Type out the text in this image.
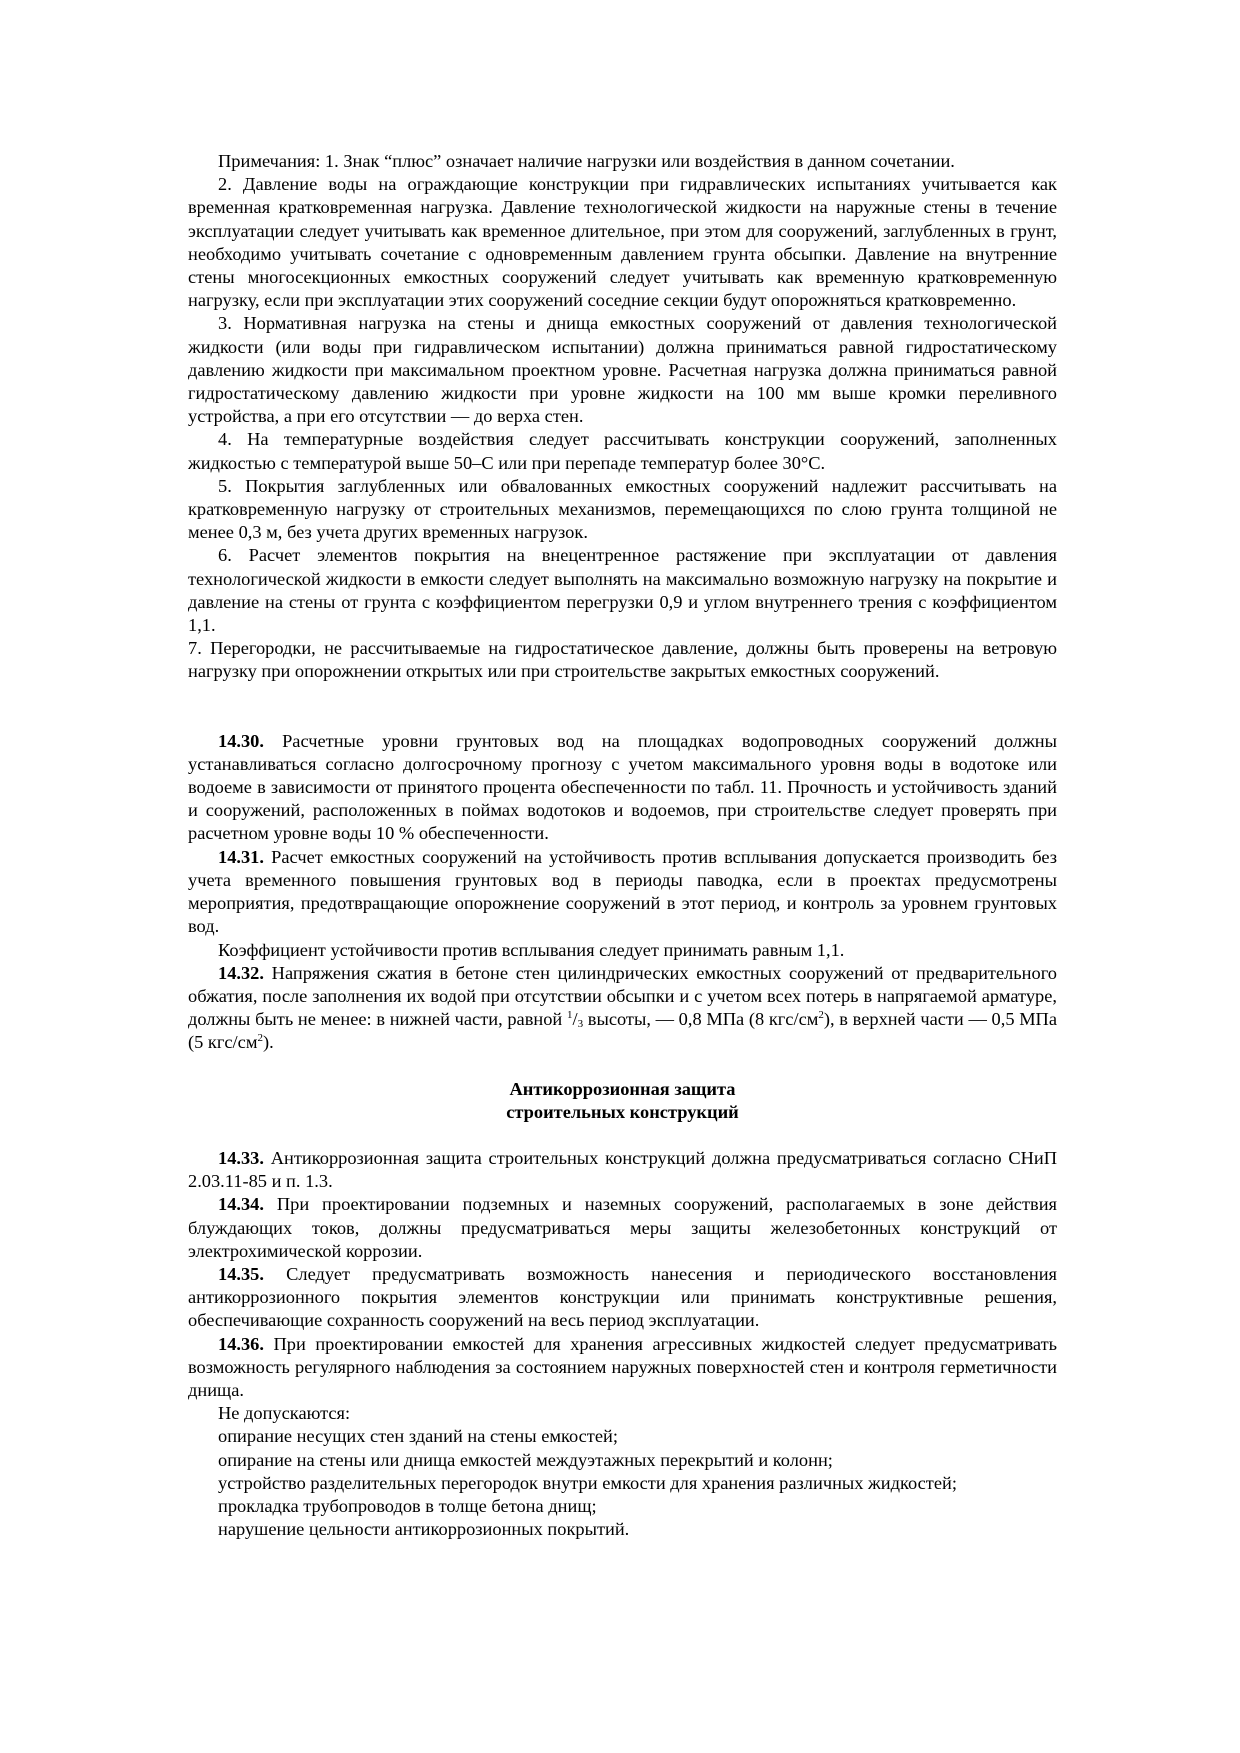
Примечания: 1. Знак “плюс” означает наличие нагрузки или воздействия в данном сочетании.

2. Давление воды на ограждающие конструкции при гидравлических испытаниях учитывается как временная кратковременная нагрузка. Давление технологической жидкости на наружные стены в течение эксплуатации следует учитывать как временное длительное, при этом для сооружений, заглубленных в грунт, необходимо учитывать сочетание с одновременным давлением грунта обсыпки. Давление на внутренние стены многосекционных емкостных сооружений следует учитывать как временную кратковременную нагрузку, если при эксплуатации этих сооружений соседние секции будут опорожняться кратковременно.

3. Нормативная нагрузка на стены и днища емкостных сооружений от давления технологической жидкости (или воды при гидравлическом испытании) должна приниматься равной гидростатическому давлению жидкости при максимальном проектном уровне. Расчетная нагрузка должна приниматься равной гидростатическому давлению жидкости при уровне жидкости на 100 мм выше кромки переливного устройства, а при его отсутствии — до верха стен.

4. На температурные воздействия следует рассчитывать конструкции сооружений, заполненных жидкостью с температурой выше 50–С или при перепаде температур более 30°С.

5. Покрытия заглубленных или обвалованных емкостных сооружений надлежит рассчитывать на кратковременную нагрузку от строительных механизмов, перемещающихся по слою грунта толщиной не менее 0,3 м, без учета других временных нагрузок.

6. Расчет элементов покрытия на внецентренное растяжение при эксплуатации от давления технологической жидкости в емкости следует выполнять на максимально возможную нагрузку на покрытие и давление на стены от грунта с коэффициентом перегрузки 0,9 и углом внутреннего трения с коэффициентом 1,1.

7. Перегородки, не рассчитываемые на гидростатическое давление, должны быть проверены на ветровую нагрузку при опорожнении открытых или при строительстве закрытых емкостных сооружений.

14.30. Расчетные уровни грунтовых вод на площадках водопроводных сооружений должны устанавливаться согласно долгосрочному прогнозу с учетом максимального уровня воды в водотоке или водоеме в зависимости от принятого процента обеспеченности по табл. 11. Прочность и устойчивость зданий и сооружений, расположенных в поймах водотоков и водоемов, при строительстве следует проверять при расчетном уровне воды 10 % обеспеченности.

14.31. Расчет емкостных сооружений на устойчивость против всплывания допускается производить без учета временного повышения грунтовых вод в периоды паводка, если в проектах предусмотрены мероприятия, предотвращающие опорожнение сооружений в этот период, и контроль за уровнем грунтовых вод.

Коэффициент устойчивости против всплывания следует принимать равным 1,1.

14.32. Напряжения сжатия в бетоне стен цилиндрических емкостных сооружений от предварительного обжатия, после заполнения их водой при отсутствии обсыпки и с учетом всех потерь в напрягаемой арматуре, должны быть не менее: в нижней части, равной $^1/_3$ высоты, — 0,8 МПа (8 кгс/$см^2$), в верхней части — 0,5 МПа (5 кгс/$см^2$).

Антикоррозионная защита

строительных конструкций

14.33. Антикоррозионная защита строительных конструкций должна предусматриваться согласно СНиП 2.03.11-85 и п. 1.3.

14.34. При проектировании подземных и наземных сооружений, располагаемых в зоне действия блуждающих токов, должны предусматриваться меры защиты железобетонных конструкций от электрохимической коррозии.

14.35. Следует предусматривать возможность нанесения и периодического восстановления антикоррозионного покрытия элементов конструкции или принимать конструктивные решения, обеспечивающие сохранность сооружений на весь период эксплуатации.

14.36. При проектировании емкостей для хранения агрессивных жидкостей следует предусматривать возможность регулярного наблюдения за состоянием наружных поверхностей стен и контроля герметичности днища.

Не допускаются:

опирание несущих стен зданий на стены емкостей;

опирание на стены или днища емкостей междуэтажных перекрытий и колонн;

устройство разделительных перегородок внутри емкости для хранения различных жидкостей;

прокладка трубопроводов в толще бетона днищ;

нарушение цельности антикоррозионных покрытий.
